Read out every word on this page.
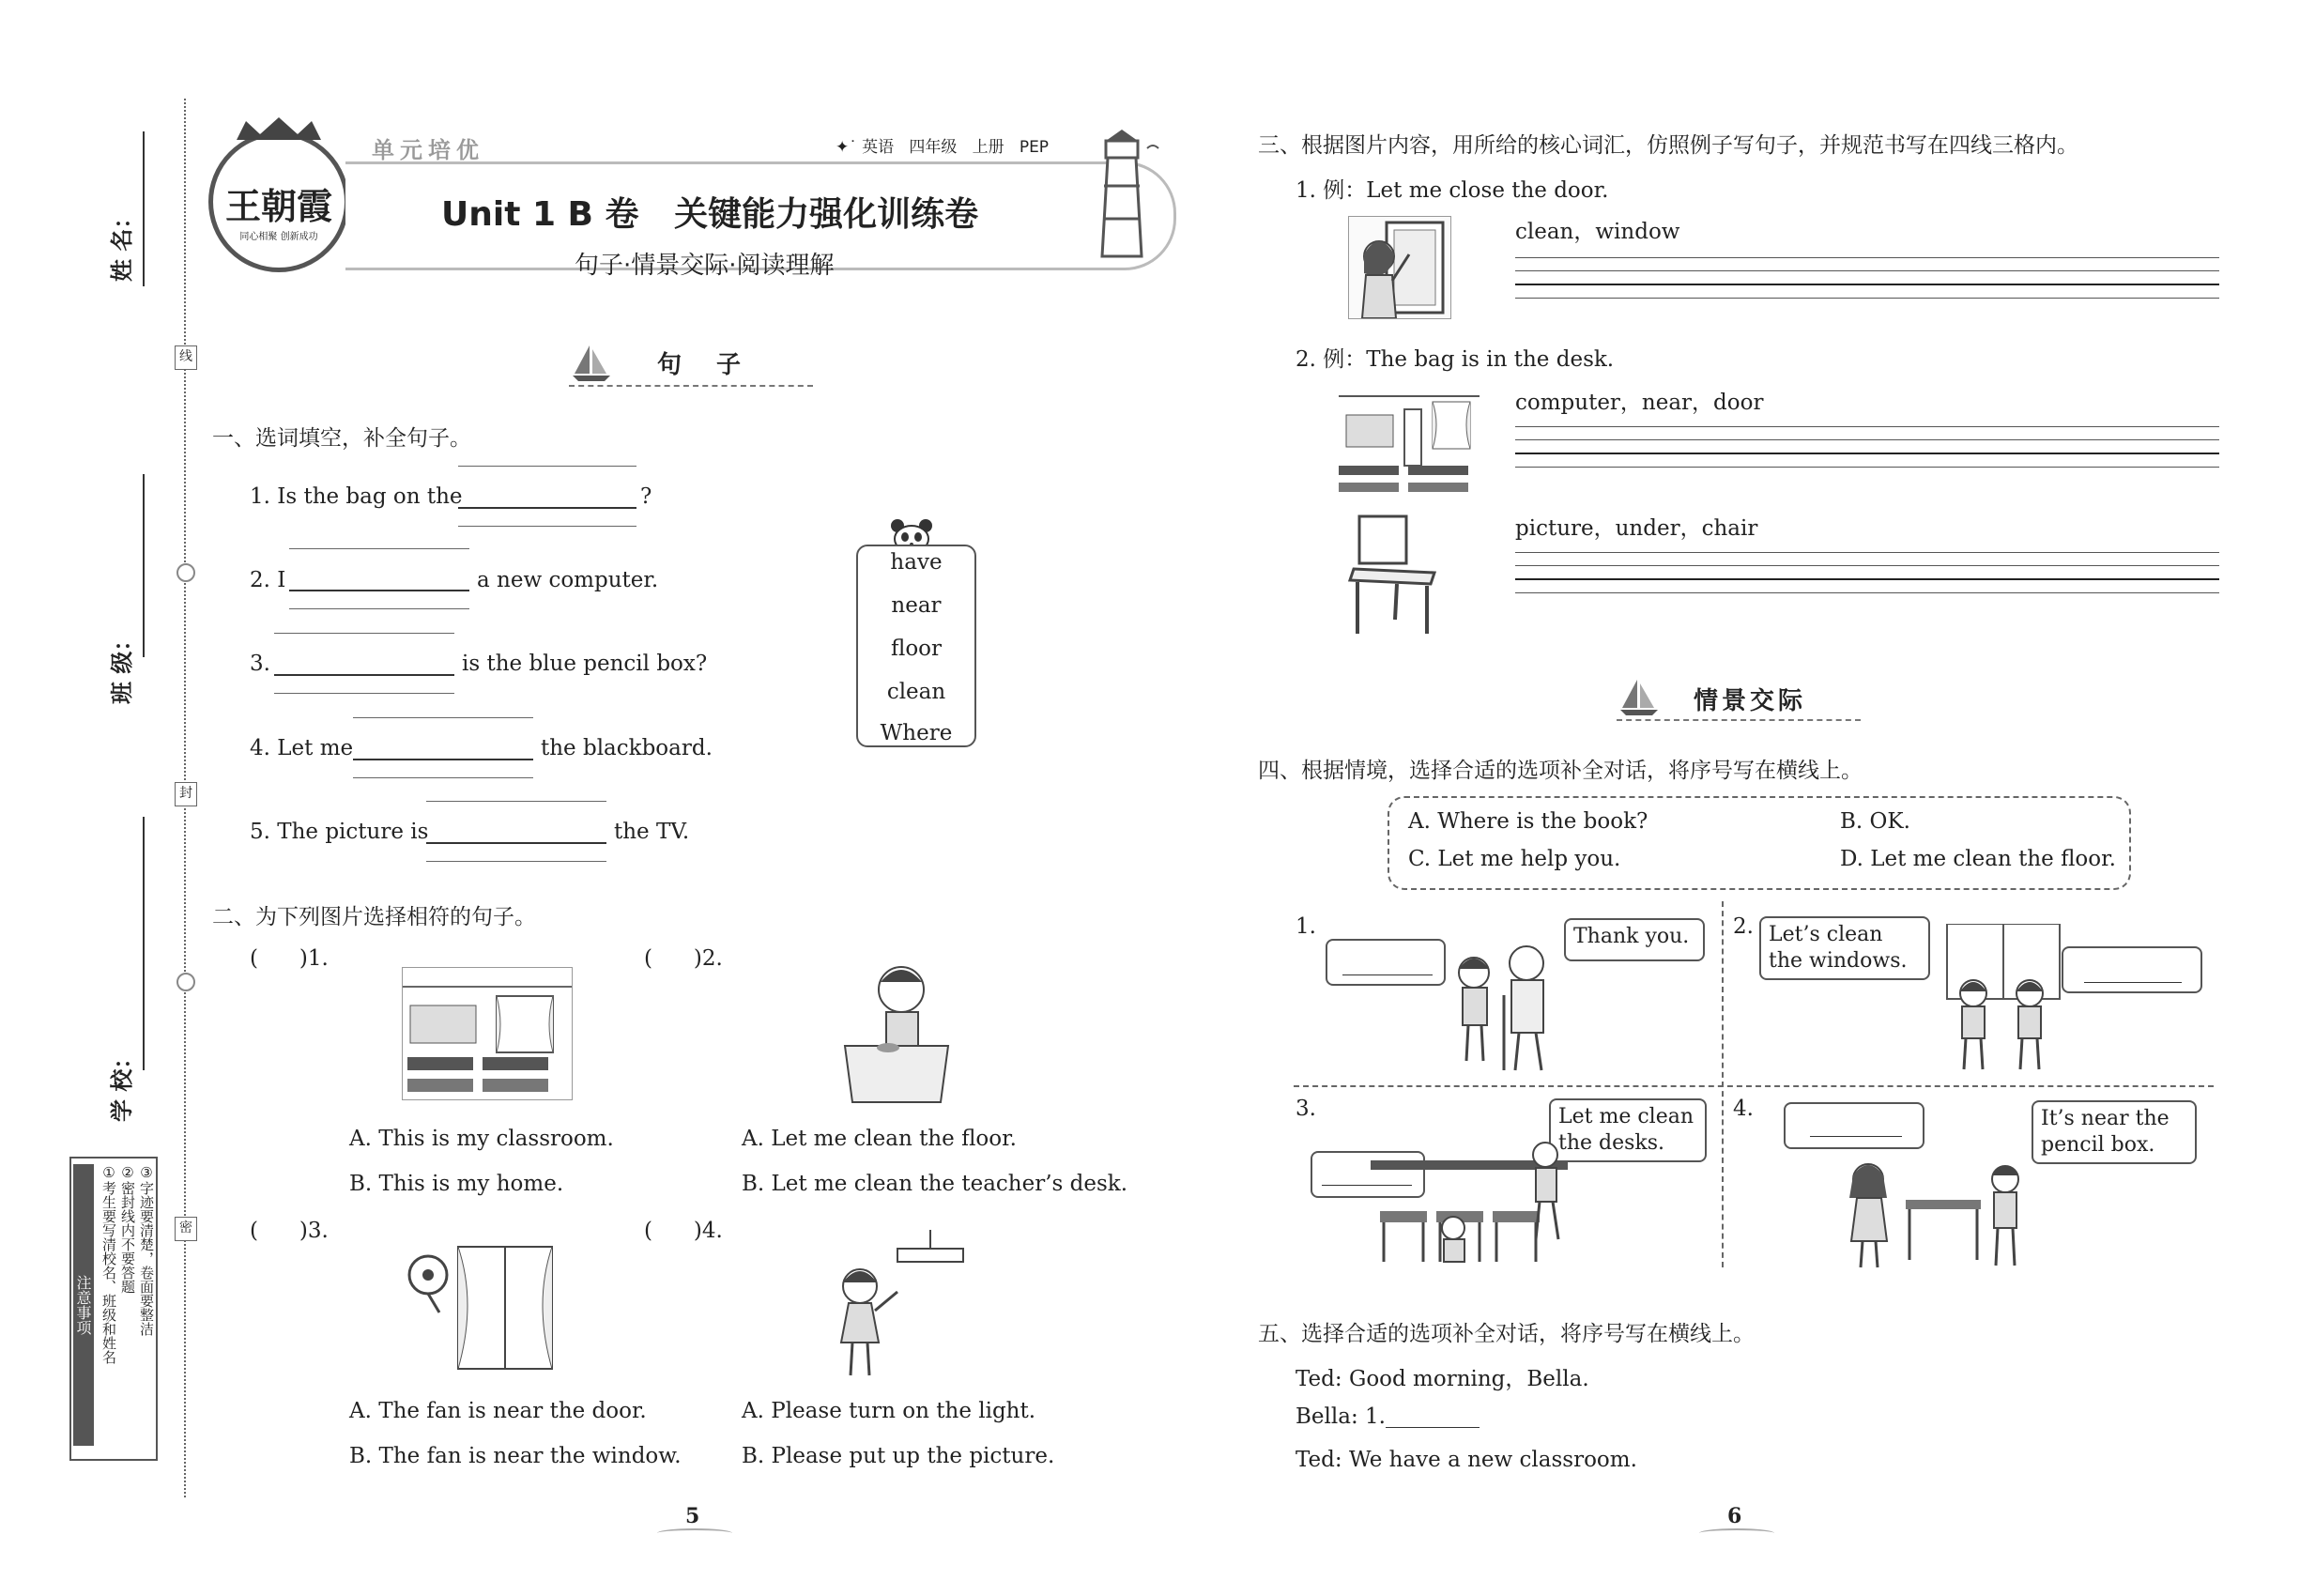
姓 名：
班 级：
学 校：
线
封
密
注意事项 ①考生要写清校名、班级和姓名 ②密封线内不要答题 ③字迹要清楚，卷面要整洁
王朝霞
同心相聚 创新成功
单元培优	✦˙ 英语 四年级 上册 PEP
Unit 1 B 卷   关键能力强化训练卷
句子·情景交际·阅读理解
句 子
一、选词填空，补全句子。
1. Is the bag on the	?
2. I	a new computer.
3.	is the blue pencil box?
4. Let me	the blackboard.
5. The picture is	the TV.
have
near
floor
clean
Where
二、为下列图片选择相符的句子。
(      )1.
A. This is my classroom.
B. This is my home.
(      )2.
A. Let me clean the floor.
B. Let me clean the teacher’s desk.
(      )3.
A. The fan is near the door.
B. The fan is near the window.
(      )4.
A. Please turn on the light.
B. Please put up the picture.
5
三、根据图片内容，用所给的核心词汇，仿照例子写句子，并规范书写在四线三格内。
1. 例：Let me close the door.
clean，window
2. 例：The bag is in the desk.
computer，near，door
picture，under，chair
情景交际
四、根据情境，选择合适的选项补全对话，将序号写在横线上。
A. Where is the book?	B. OK.
C. Let me help you.	D. Let me clean the floor.
1.	Thank you.	2. Let’s clean the windows.
3.	Let me clean the desks.
4.	It’s near the pencil box.
五、选择合适的选项补全对话，将序号写在横线上。
Ted: Good morning，Bella.
Bella: 1.
Ted: We have a new classroom.
6
